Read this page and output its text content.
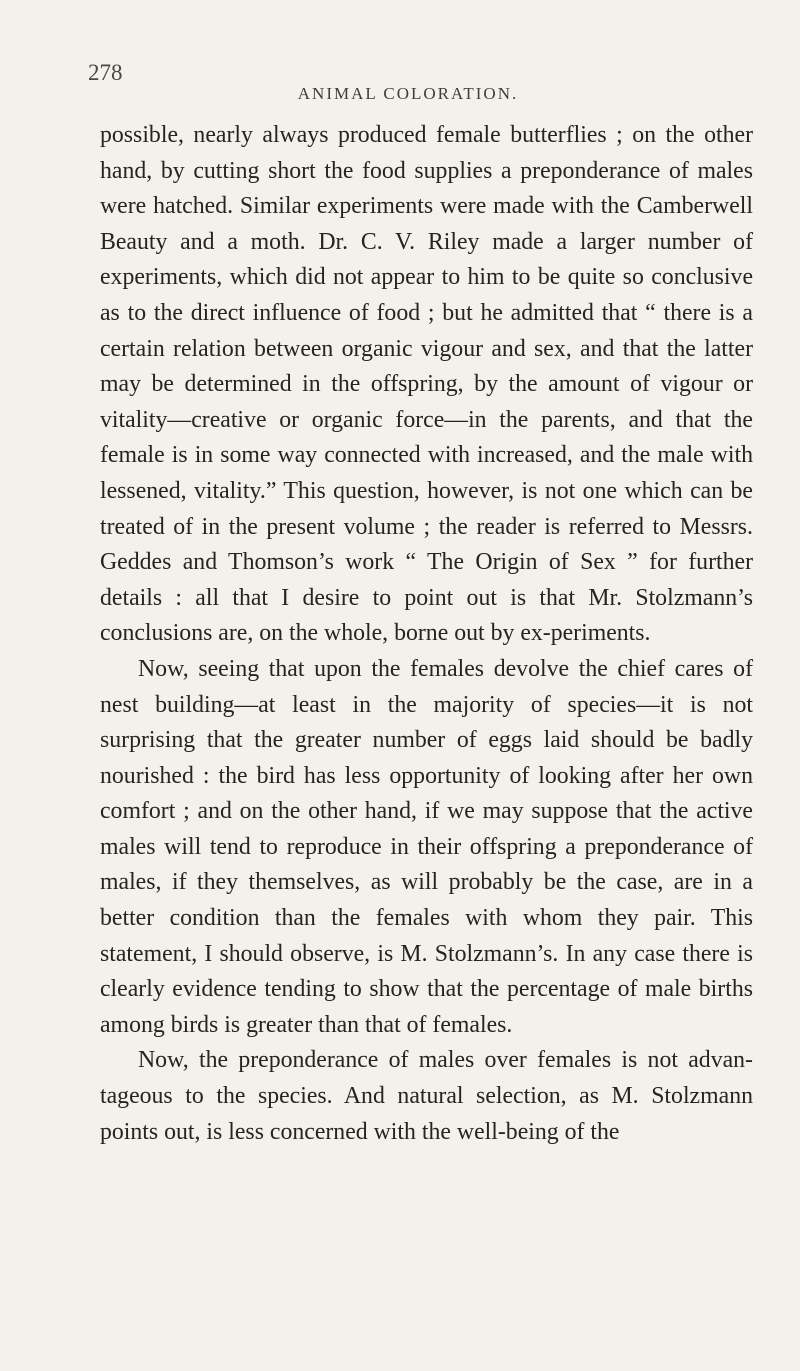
278
ANIMAL COLORATION.

possible, nearly always produced female butterflies ; on the other hand, by cutting short the food supplies a preponderance of males were hatched. Similar experiments were made with the Camberwell Beauty and a moth. Dr. C. V. Riley made a larger number of experiments, which did not appear to him to be quite so conclusive as to the direct influence of food ; but he admitted that “ there is a certain relation between organic vigour and sex, and that the latter may be determined in the offspring, by the amount of vigour or vitality—creative or organic force—in the parents, and that the female is in some way connected with increased, and the male with lessened, vitality.” This question, however, is not one which can be treated of in the present volume ; the reader is referred to Messrs. Geddes and Thomson’s work “ The Origin of Sex ” for further details : all that I desire to point out is that Mr. Stolzmann’s conclusions are, on the whole, borne out by ex-periments.

Now, seeing that upon the females devolve the chief cares of nest building—at least in the majority of species—it is not surprising that the greater number of eggs laid should be badly nourished : the bird has less opportunity of looking after her own comfort ; and on the other hand, if we may suppose that the active males will tend to reproduce in their offspring a preponderance of males, if they themselves, as will probably be the case, are in a better condition than the females with whom they pair. This statement, I should observe, is M. Stolzmann’s. In any case there is clearly evidence tending to show that the percentage of male births among birds is greater than that of females.

Now, the preponderance of males over females is not advan-tageous to the species. And natural selection, as M. Stolzmann points out, is less concerned with the well-being of the
